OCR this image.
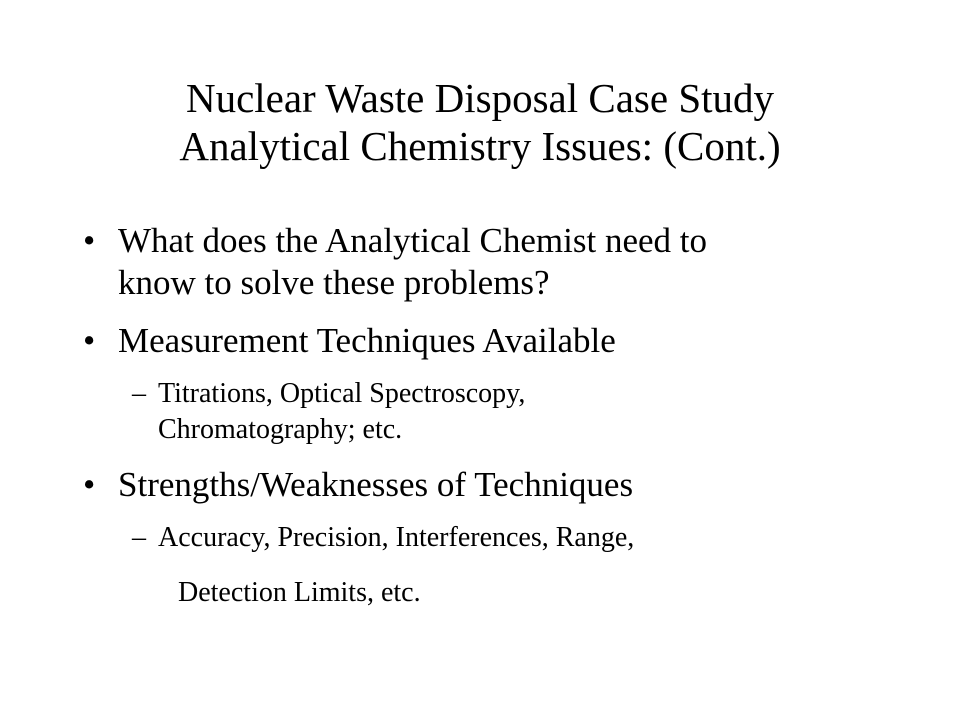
Nuclear Waste Disposal Case Study
Analytical Chemistry Issues: (Cont.)
• What does the Analytical Chemist need to
know to solve these problems?
• Measurement Techniques Available
– Titrations, Optical Spectroscopy,
Chromatography; etc.
• Strengths/Weaknesses of Techniques
– Accuracy, Precision, Interferences, Range,
Detection Limits, etc.
